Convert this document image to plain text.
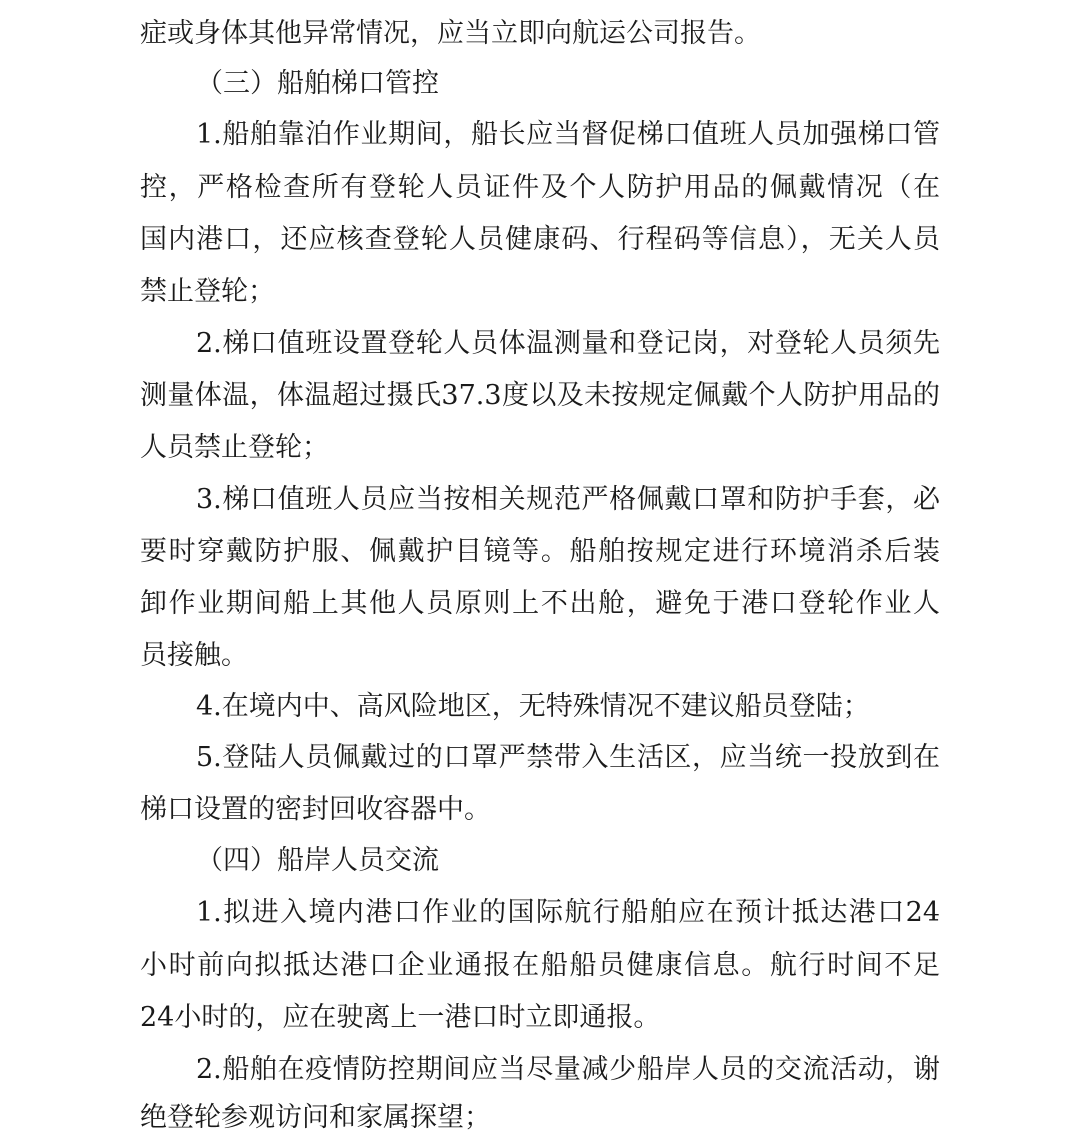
症或身体其他异常情况，应当立即向航运公司报告。
（三）船舶梯口管控
1.船舶靠泊作业期间，船长应当督促梯口值班人员加强梯口管
控，严格检查所有登轮人员证件及个人防护用品的佩戴情况（在
国内港口，还应核查登轮人员健康码、行程码等信息），无关人员
禁止登轮；
2.梯口值班设置登轮人员体温测量和登记岗，对登轮人员须先
测量体温，体温超过摄氏37.3度以及未按规定佩戴个人防护用品的
人员禁止登轮；
3.梯口值班人员应当按相关规范严格佩戴口罩和防护手套，必
要时穿戴防护服、佩戴护目镜等。船舶按规定进行环境消杀后装
卸作业期间船上其他人员原则上不出舱，避免于港口登轮作业人
员接触。
4.在境内中、高风险地区，无特殊情况不建议船员登陆；
5.登陆人员佩戴过的口罩严禁带入生活区，应当统一投放到在
梯口设置的密封回收容器中。
（四）船岸人员交流
1.拟进入境内港口作业的国际航行船舶应在预计抵达港口24
小时前向拟抵达港口企业通报在船船员健康信息。航行时间不足
24小时的，应在驶离上一港口时立即通报。
2.船舶在疫情防控期间应当尽量减少船岸人员的交流活动，谢
绝登轮参观访问和家属探望；
